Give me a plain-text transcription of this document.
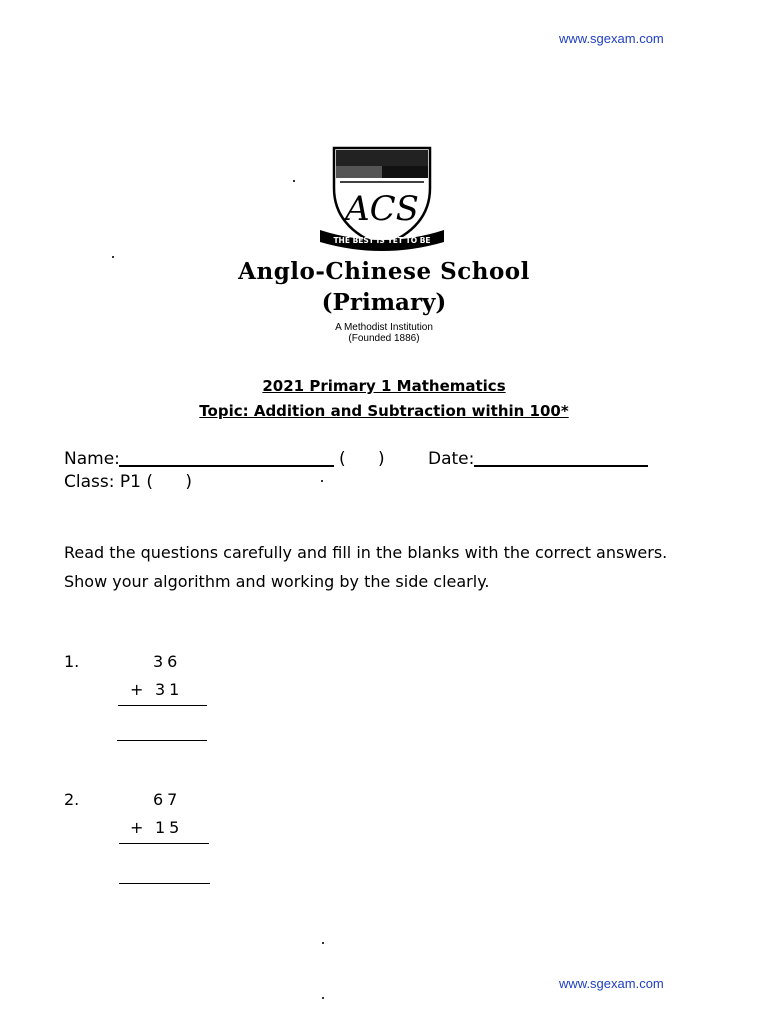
www.sgexam.com
ACS
THE BEST IS YET TO BE
Anglo-Chinese School
(Primary)
A Methodist Institution
(Founded 1886)
2021 Primary 1 Mathematics
Topic: Addition and Subtraction within 100*
Name:	(      )	Date:
Class: P1 (      )
Read the questions carefully and fill in the blanks with the correct answers. Show your algorithm and working by the side clearly.
1.	36
+ 31
2.	67
+ 15
www.sgexam.com
